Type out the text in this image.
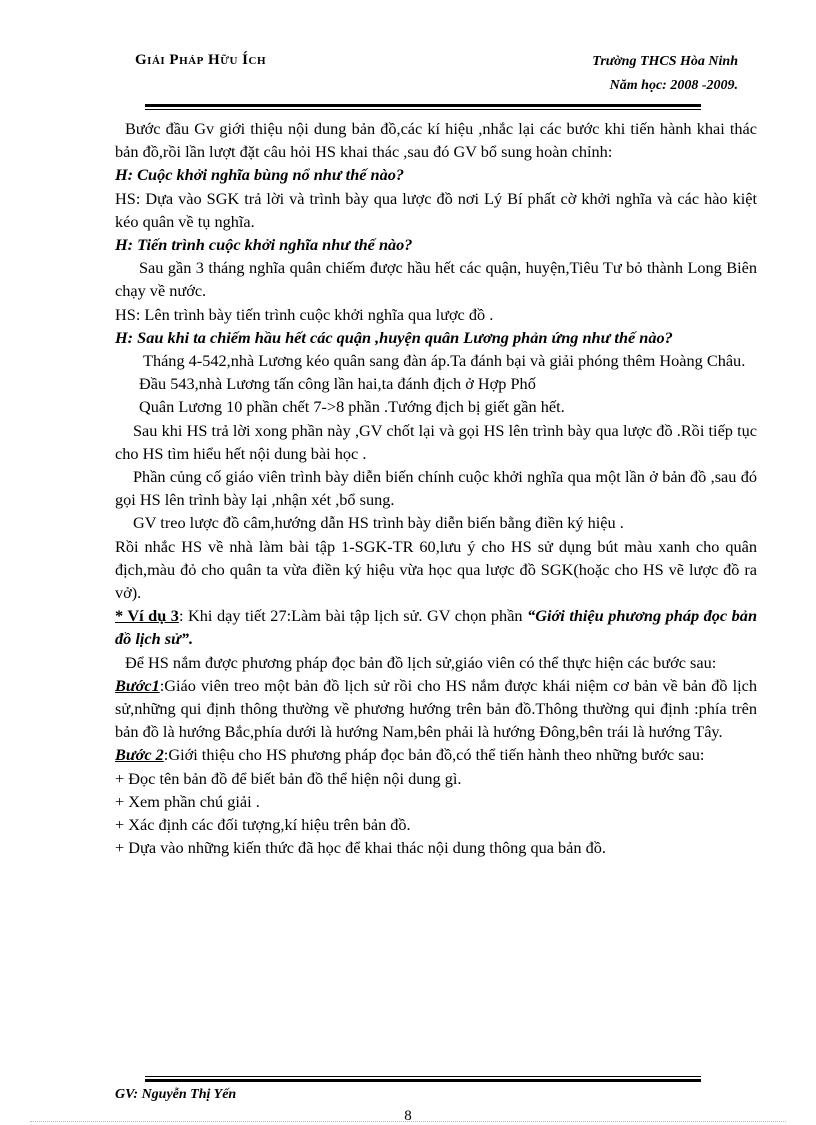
Giải Pháp Hữu Ích	Trường THCS Hòa Ninh
Năm học: 2008 -2009.

Bước đầu Gv giới thiệu nội dung bản đồ,các kí hiệu ,nhắc lại các bước khi tiến hành khai thác bản đồ,rồi lần lượt đặt câu hỏi HS khai thác ,sau đó GV bổ sung hoàn chỉnh:

H: Cuộc khởi nghĩa bùng nổ như thế nào?

HS: Dựa vào SGK trả lời và trình bày qua lược đồ nơi Lý Bí phất cờ khởi nghĩa và các hào kiệt kéo quân về tụ nghĩa.

H: Tiến trình cuộc khởi nghĩa như thế nào?

Sau gần 3 tháng nghĩa quân chiếm được hầu hết các quận, huyện,Tiêu Tư bỏ thành Long Biên chạy về nước.

HS: Lên trình bày tiến trình cuộc khởi nghĩa qua lược đồ .

H: Sau khi ta chiếm hầu hết các quận ,huyện quân Lương phản ứng như thế nào?

Tháng 4-542,nhà Lương kéo quân sang đàn áp.Ta đánh bại và giải phóng thêm Hoàng Châu.

Đầu 543,nhà Lương tấn công lần hai,ta đánh địch ở Hợp Phố

Quân Lương 10 phần chết 7->8 phần .Tướng địch bị giết gần hết.

Sau khi HS trả lời xong phần này ,GV chốt lại và gọi HS lên trình bày qua lược đồ .Rồi tiếp tục cho HS tìm hiểu hết nội dung bài học .

Phần củng cố giáo viên trình bày diễn biến chính cuộc khởi nghĩa qua một lần ở bản đồ ,sau đó gọi HS lên trình bày lại ,nhận xét ,bổ sung.

GV treo lược đồ câm,hướng dẫn HS trình bày diễn biến bằng điền ký hiệu .

Rồi nhắc HS về nhà làm bài tập 1-SGK-TR 60,lưu ý cho HS sử dụng bút màu xanh cho quân địch,màu đỏ cho quân ta vừa điền ký hiệu vừa học qua lược đồ SGK(hoặc cho HS vẽ lược đồ ra vở).

* Ví dụ 3: Khi dạy tiết 27:Làm bài tập lịch sử. GV chọn phần “Giới thiệu phương pháp đọc bản đồ lịch sử”.

Để HS nắm được phương pháp đọc bản đồ lịch sử,giáo viên có thể thực hiện các bước sau:

Bước1:Giáo viên treo một bản đồ lịch sử rồi cho HS nắm được khái niệm cơ bản về bản đồ lịch sử,những qui định thông thường về phương hướng trên bản đồ.Thông thường qui định :phía trên bản đồ là hướng Bắc,phía dưới là hướng Nam,bên phải là hướng Đông,bên trái là hướng Tây.

Bước 2:Giới thiệu cho HS phương pháp đọc bản đồ,có thể tiến hành theo những bước sau:

+ Đọc tên bản đồ để biết bản đồ thể hiện nội dung gì.

+ Xem phần chú giải .

+ Xác định các đối tượng,kí hiệu trên bản đồ.

+ Dựa vào những kiến thức đã học để khai thác nội dung thông qua bản đồ.

GV: Nguyễn Thị Yến
8
